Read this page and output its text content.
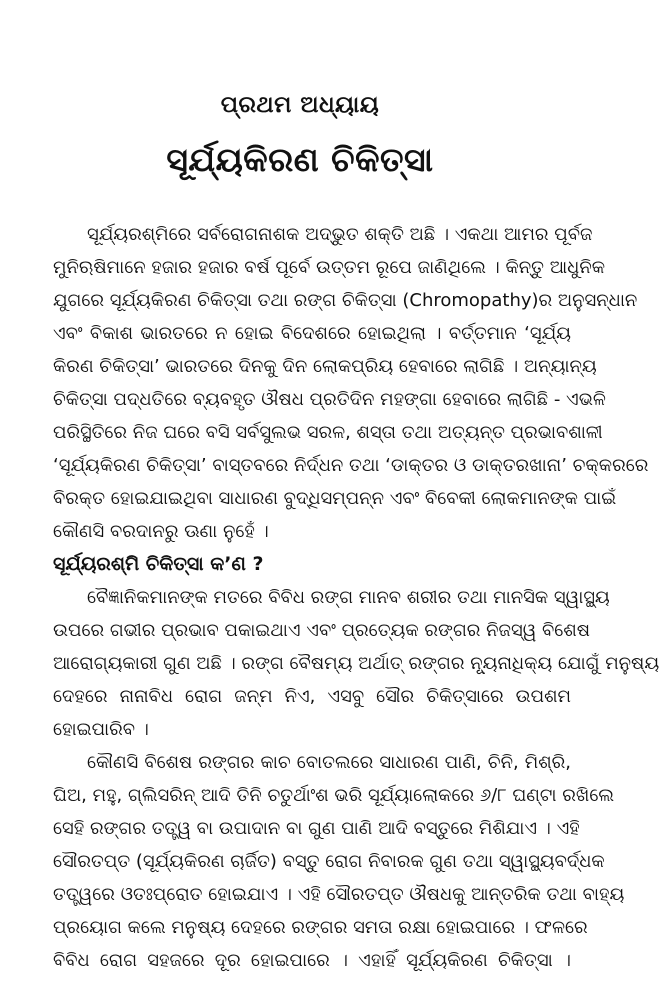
ପ୍ରଥମ ଅଧ୍ୟାୟ
ସୂର୍ଯ୍ୟକିରଣ ଚିକିତ୍ସା
ସୂର୍ଯ୍ୟରଶ୍ମିରେ ସର୍ବରୋଗନାଶକ ଅଦ୍ଭୁତ ଶକ୍ତି ଅଛି । ଏକଥା ଆମର ପୂର୍ବଜ
ମୁନିଋଷିମାନେ ହଜାର ହଜାର ବର୍ଷ ପୂର୍ବେ ଉତ୍ତମ ରୂପେ ଜାଣିଥିଲେ । କିନ୍ତୁ ଆଧୁନିକ
ଯୁଗରେ ସୂର୍ଯ୍ୟକିରଣ ଚିକିତ୍ସା ତଥା ରଙ୍ଗ ଚିକିତ୍ସା (Chromopathy)ର ଅନୁସନ୍ଧାନ
ଏବଂ ବିକାଶ ଭାରତରେ ନ ହୋଇ ବିଦେଶରେ ହୋଇଥିଲା । ବର୍ତ୍ତମାନ ‘ସୂର୍ଯ୍ୟ
କିରଣ ଚିକିତ୍ସା’ ଭାରତରେ ଦିନକୁ ଦିନ ଲୋକପ୍ରିୟ ହେବାରେ ଲାଗିଛି । ଅନ୍ୟାନ୍ୟ
ଚିକିତ୍ସା ପଦ୍ଧତିରେ ବ୍ୟବହୃତ ଔଷଧ ପ୍ରତିଦିନ ମହଙ୍ଗା ହେବାରେ ଲାଗିଛି - ଏଭଳି
ପରିସ୍ଥିତିରେ ନିଜ ଘରେ ବସି ସର୍ବସୁଲଭ ସରଳ, ଶସ୍ତା ତଥା ଅତ୍ୟନ୍ତ ପ୍ରଭାବଶାଳୀ
‘ସୂର୍ଯ୍ୟକିରଣ ଚିକିତ୍ସା’ ବାସ୍ତବରେ ନିର୍ଦ୍ଧନ ତଥା ‘ଡାକ୍ତର ଓ ଡାକ୍ତରଖାନା’ ଚକ୍କରରେ
ବିରକ୍ତ ହୋଇଯାଇଥିବା ସାଧାରଣ ବୁଦ୍ଧିସମ୍ପନ୍ନ ଏବଂ ବିବେକୀ ଲୋକମାନଙ୍କ ପାଇଁ
କୌଣସି ବରଦାନରୁ ଊଣା ନୁହେଁ ।
ସୂର୍ଯ୍ୟରଶ୍ମି ଚିକିତ୍ସା କ’ଣ ?
ବୈଜ୍ଞାନିକମାନଙ୍କ ମତରେ ବିବିଧ ରଙ୍ଗ ମାନବ ଶରୀର ତଥା ମାନସିକ ସ୍ୱାସ୍ଥ୍ୟ
ଉପରେ ଗଭୀର ପ୍ରଭାବ ପକାଇଥାଏ ଏବଂ ପ୍ରତ୍ୟେକ ରଙ୍ଗର ନିଜସ୍ୱ ବିଶେଷ
ଆରୋଗ୍ୟକାରୀ ଗୁଣ ଅଛି । ରଙ୍ଗ ବୈଷମ୍ୟ ଅର୍ଥାତ୍ ରଙ୍ଗର ନ୍ୟୂନାଧିକ୍ୟ ଯୋଗୁଁ ମନୁଷ୍ୟ
ଦେହରେ ନାନାବିଧ ରୋଗ ଜନ୍ମ ନିଏ, ଏସବୁ ସୌର ଚିକିତ୍ସାରେ ଉପଶମ
ହୋଇପାରିବ ।
କୌଣସି ବିଶେଷ ରଙ୍ଗର କାଚ ବୋତଲରେ ସାଧାରଣ ପାଣି, ଚିନି, ମିଶ୍ରି,
ଘିଅ, ମହୁ, ଗ୍ଲିସରିନ୍ ଆଦି ତିନି ଚତୁର୍ଥାଂଶ ଭରି ସୂର୍ଯ୍ୟାଲୋକରେ ୬/୮ ଘଣ୍ଟା ରଖିଲେ
ସେହି ରଙ୍ଗର ତତ୍ତ୍ୱ ବା ଉପାଦାନ ବା ଗୁଣ ପାଣି ଆଦି ବସ୍ତୁରେ ମିଶିଯାଏ । ଏହି
ସୌରତପ୍ତ (ସୂର୍ଯ୍ୟକିରଣ ଚାର୍ଜିତ) ବସ୍ତୁ ରୋଗ ନିବାରକ ଗୁଣ ତଥା ସ୍ୱାସ୍ଥ୍ୟବର୍ଦ୍ଧକ
ତତ୍ତ୍ୱରେ ଓତଃପ୍ରୋତ ହୋଇଯାଏ । ଏହି ସୌରତପ୍ତ ଔଷଧକୁ ଆନ୍ତରିକ ତଥା ବାହ୍ୟ
ପ୍ରୟୋଗ କଲେ ମନୁଷ୍ୟ ଦେହରେ ରଙ୍ଗର ସମତା ରକ୍ଷା ହୋଇପାରେ । ଫଳରେ
ବିବିଧ ରୋଗ ସହଜରେ ଦୂର ହୋଇପାରେ । ଏହାହିଁ ସୂର୍ଯ୍ୟକିରଣ ଚିକିତ୍ସା ।
